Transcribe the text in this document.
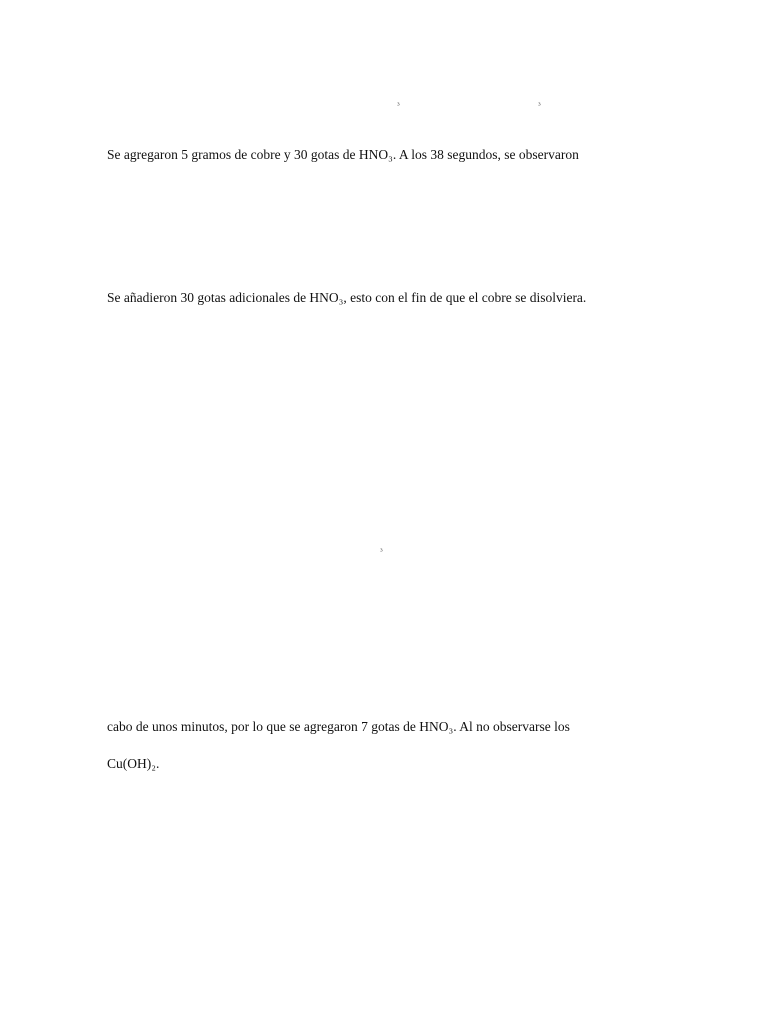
₃	₃
Se agregaron 5 gramos de cobre y 30 gotas de HNO₃. A los 38 segundos, se observaron
Se añadieron 30 gotas adicionales de HNO₃, esto con el fin de que el cobre se disolviera.
₃
cabo de unos minutos, por lo que se agregaron 7 gotas de HNO₃. Al no observarse los
Cu(OH)₂.
